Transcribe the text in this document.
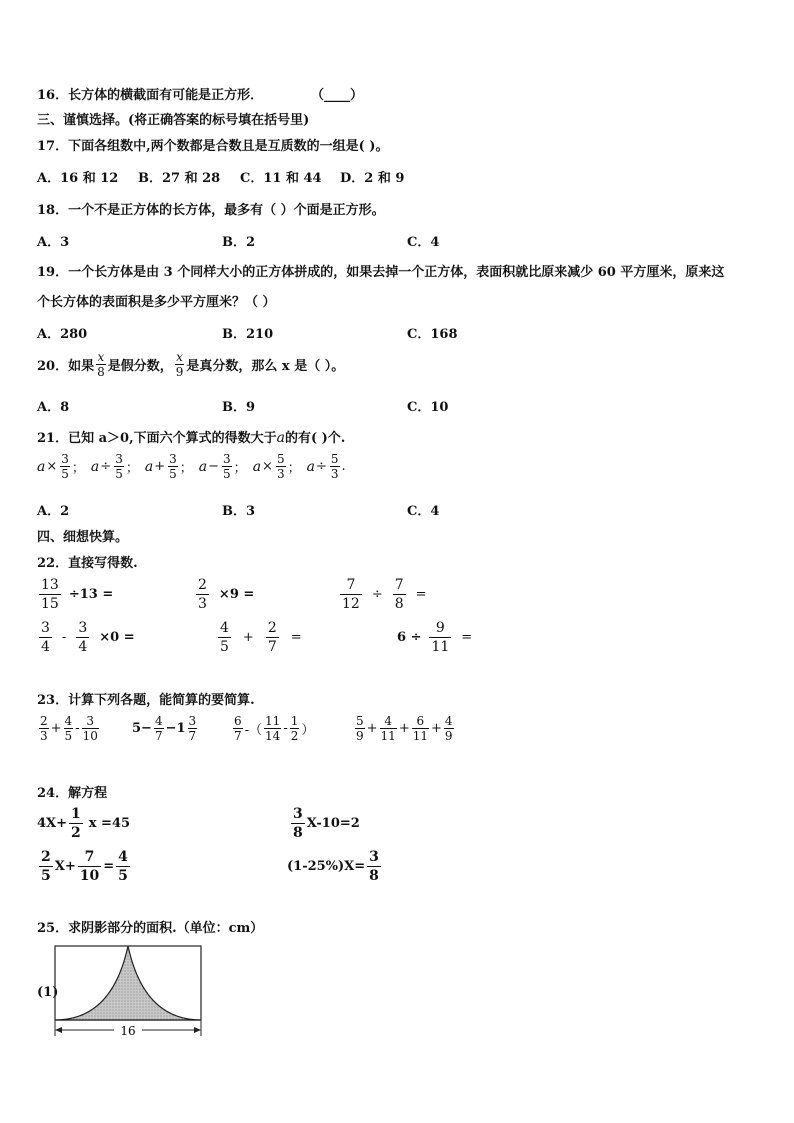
16．长方体的横截面有可能是正方形．	（____）
三、谨慎选择。(将正确答案的标号填在括号里)
17．下面各组数中,两个数都是合数且是互质数的一组是( )。
A．16 和 12 B．27 和 28 C．11 和 44 D．2 和 9
18．一个不是正方体的长方体，最多有（ ）个面是正方形。
A．3	B．2	C．4
19．一个长方体是由 3 个同样大小的正方体拼成的，如果去掉一个正方体，表面积就比原来减少 60 平方厘米，原来这
个长方体的表面积是多少平方厘米？（ ）
A．280	B．210	C．168
20．如果 $\frac{x}{8}$ 是假分数， $\frac{x}{9}$ 是真分数，那么 x 是（ ）。
A．8	B．9	C．10
21．已知 a＞0,下面六个算式的得数大于a的有( )个.
$a \times \frac{3}{5}$ ； $a \div \frac{3}{5}$ ； $a + \frac{3}{5}$ ； $a - \frac{3}{5}$ ； $a \times \frac{5}{3}$ ； $a \div \frac{5}{3}$ .
A．2	B．3	C．4
四、细想快算。
22．直接写得数.
$\frac{13}{15} \div 13$ =	$\frac{2}{3} \times 9$ =	$\frac{7}{12} \div \frac{7}{8}$ =
$\frac{3}{4} - \frac{3}{4} \times 0$ =	$\frac{4}{5} + \frac{2}{7}$ =	$6 \div \frac{9}{11}$ =
23．计算下列各题，能简算的要简算.
$\frac{2}{3} + \frac{4}{5} - \frac{3}{10}$	$5- \frac{4}{7} -1 \frac{3}{7}$	$\frac{6}{7}$ -（ $\frac{11}{14} - \frac{1}{2}$ ）	$\frac{5}{9} + \frac{4}{11} + \frac{6}{11} + \frac{4}{9}$
24．解方程
$4X+ \frac{1}{2}$ x =45	$\frac{3}{8} X-10=2$
$\frac{2}{5} X+ \frac{7}{10} = \frac{4}{5}$	$(1-25\%)X= \frac{3}{8}$
25．求阴影部分的面积.（单位：cm）
(1)
16
